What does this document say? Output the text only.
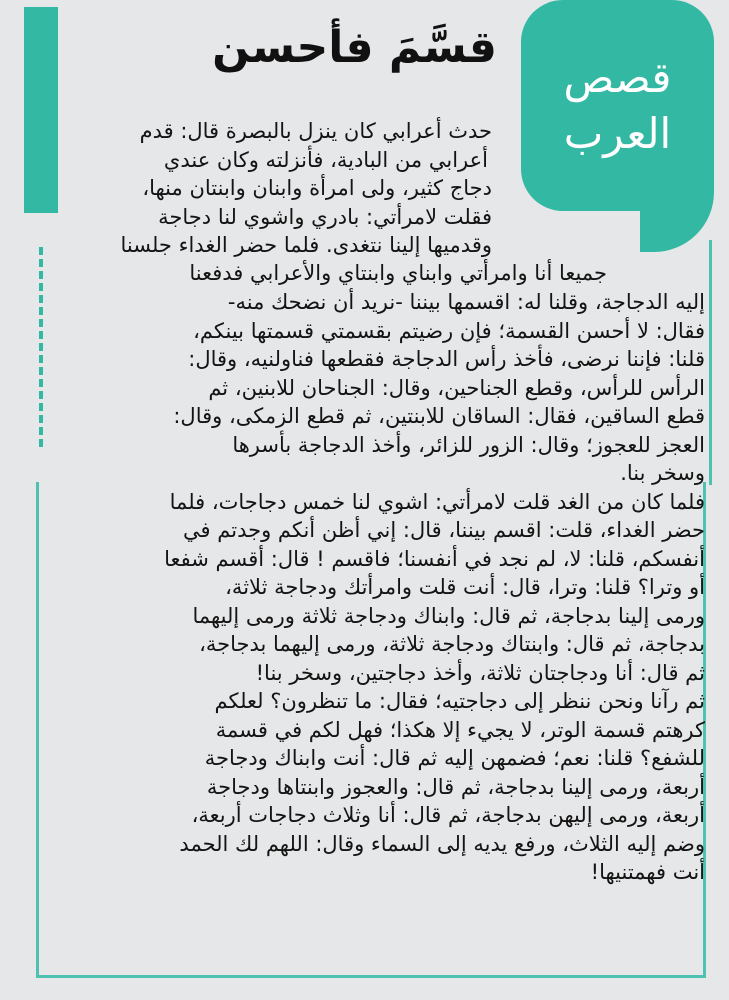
قصص
العرب
قسَّمَ فأحسن
حدث أعرابي كان ينزل بالبصرة قال: قدم
أعرابي من البادية، فأنزلته وكان عندي
دجاج كثير، ولى امرأة وابنان وابنتان منها،
فقلت لامرأتي: بادري واشوي لنا دجاجة
وقدميها إلينا نتغدى. فلما حضر الغداء جلسنا
جميعا أنا وامرأتي وابناي وابنتاي والأعرابي فدفعنا
إليه الدجاجة، وقلنا له: اقسمها بيننا -نريد أن نضحك منه-
فقال: لا أحسن القسمة؛ فإن رضيتم بقسمتي قسمتها بينكم،
قلنا: فإننا نرضى، فأخذ رأس الدجاجة فقطعها فناولنيه، وقال:
الرأس للرأس، وقطع الجناحين، وقال: الجناحان للابنين، ثم
قطع الساقين، فقال: الساقان للابنتين، ثم قطع الزمكى، وقال:
العجز للعجوز؛ وقال: الزور للزائر، وأخذ الدجاجة بأسرها
وسخر بنا.
فلما كان من الغد قلت لامرأتي: اشوي لنا خمس دجاجات، فلما
حضر الغداء، قلت: اقسم بيننا، قال: إني أظن أنكم وجدتم في
أنفسكم، قلنا: لا، لم نجد في أنفسنا؛ فاقسم ! قال: أقسم شفعا
أو وترا؟ قلنا: وترا، قال: أنت قلت وامرأتك ودجاجة ثلاثة،
ورمى إلينا بدجاجة، ثم قال: وابناك ودجاجة ثلاثة ورمى إليهما
بدجاجة، ثم قال: وابنتاك ودجاجة ثلاثة، ورمى إليهما بدجاجة،
ثم قال: أنا ودجاجتان ثلاثة، وأخذ دجاجتين، وسخر بنا!
ثم رآنا ونحن ننظر إلى دجاجتيه؛ فقال: ما تنظرون؟ لعلكم
كرهتم قسمة الوتر، لا يجيء إلا هكذا؛ فهل لكم في قسمة
للشفع؟ قلنا: نعم؛ فضمهن إليه ثم قال: أنت وابناك ودجاجة
أربعة، ورمى إلينا بدجاجة، ثم قال: والعجوز وابنتاها ودجاجة
أربعة، ورمى إليهن بدجاجة، ثم قال: أنا وثلاث دجاجات أربعة،
وضم إليه الثلاث، ورفع يديه إلى السماء وقال: اللهم لك الحمد
أنت فهمتنيها!
